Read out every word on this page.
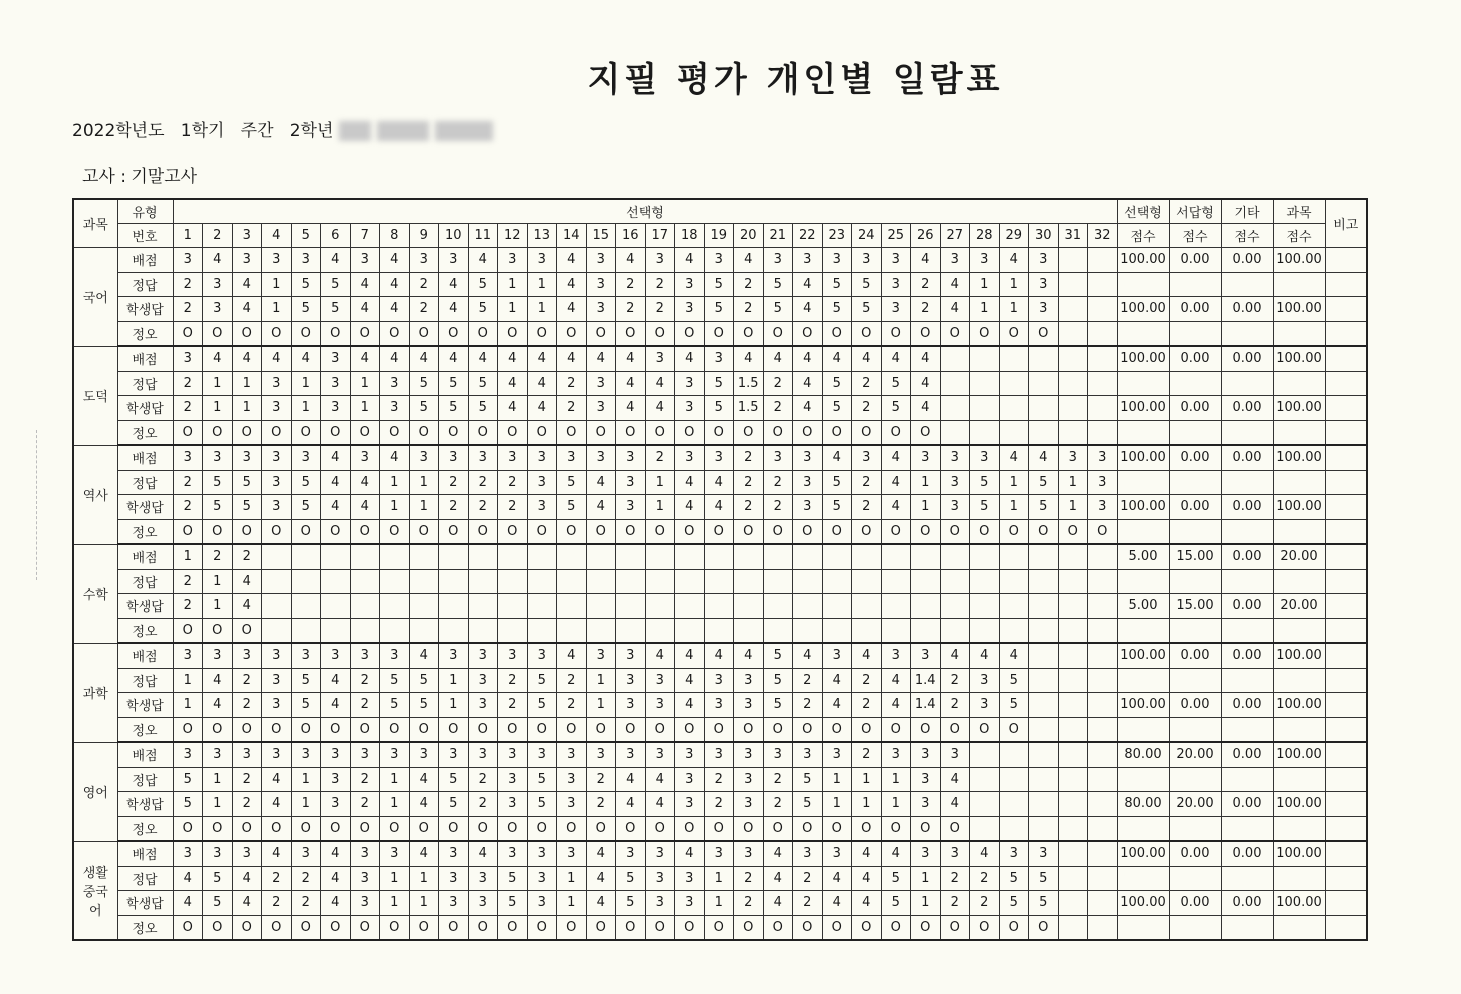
지필 평가 개인별 일람표
2022학년도 1학기 주간 2학년
고사 : 기말고사
과목	유형	선택형																																선택형	서답형	기타	과목	비고
	번호	1	2	3	4	5	6	7	8	9	10	11	12	13	14	15	16	17	18	19	20	21	22	23	24	25	26	27	28	29	30	31	32	점수	점수	점수	점수	
국어	배점	3	4	3	3	3	4	3	4	3	3	4	3	3	4	3	4	3	4	3	4	3	3	3	3	3	4	3	3	4	3			100.00	0.00	0.00	100.00	
	정답	2	3	4	1	5	5	4	4	2	4	5	1	1	4	3	2	2	3	5	2	5	4	5	5	3	2	4	1	1	3							
	학생답	2	3	4	1	5	5	4	4	2	4	5	1	1	4	3	2	2	3	5	2	5	4	5	5	3	2	4	1	1	3			100.00	0.00	0.00	100.00	
	정오	O	O	O	O	O	O	O	O	O	O	O	O	O	O	O	O	O	O	O	O	O	O	O	O	O	O	O	O	O	O							
도덕	배점	3	4	4	4	4	3	4	4	4	4	4	4	4	4	4	4	3	4	3	4	4	4	4	4	4	4							100.00	0.00	0.00	100.00	
	정답	2	1	1	3	1	3	1	3	5	5	5	4	4	2	3	4	4	3	5	1.5	2	4	5	2	5	4											
	학생답	2	1	1	3	1	3	1	3	5	5	5	4	4	2	3	4	4	3	5	1.5	2	4	5	2	5	4							100.00	0.00	0.00	100.00	
	정오	O	O	O	O	O	O	O	O	O	O	O	O	O	O	O	O	O	O	O	O	O	O	O	O	O	O											
역사	배점	3	3	3	3	3	4	3	4	3	3	3	3	3	3	3	3	2	3	3	2	3	3	4	3	4	3	3	3	4	4	3	3	100.00	0.00	0.00	100.00	
	정답	2	5	5	3	5	4	4	1	1	2	2	2	3	5	4	3	1	4	4	2	2	3	5	2	4	1	3	5	1	5	1	3					
	학생답	2	5	5	3	5	4	4	1	1	2	2	2	3	5	4	3	1	4	4	2	2	3	5	2	4	1	3	5	1	5	1	3	100.00	0.00	0.00	100.00	
	정오	O	O	O	O	O	O	O	O	O	O	O	O	O	O	O	O	O	O	O	O	O	O	O	O	O	O	O	O	O	O	O	O					
수학	배점	1	2	2																														5.00	15.00	0.00	20.00	
	정답	2	1	4																																		
	학생답	2	1	4																														5.00	15.00	0.00	20.00	
	정오	O	O	O																																		
과학	배점	3	3	3	3	3	3	3	3	4	3	3	3	3	4	3	3	4	4	4	4	5	4	3	4	3	3	4	4	4				100.00	0.00	0.00	100.00	
	정답	1	4	2	3	5	4	2	5	5	1	3	2	5	2	1	3	3	4	3	3	5	2	4	2	4	1.4	2	3	5								
	학생답	1	4	2	3	5	4	2	5	5	1	3	2	5	2	1	3	3	4	3	3	5	2	4	2	4	1.4	2	3	5				100.00	0.00	0.00	100.00	
	정오	O	O	O	O	O	O	O	O	O	O	O	O	O	O	O	O	O	O	O	O	O	O	O	O	O	O	O	O	O								
영어	배점	3	3	3	3	3	3	3	3	3	3	3	3	3	3	3	3	3	3	3	3	3	3	3	2	3	3	3						80.00	20.00	0.00	100.00	
	정답	5	1	2	4	1	3	2	1	4	5	2	3	5	3	2	4	4	3	2	3	2	5	1	1	1	3	4										
	학생답	5	1	2	4	1	3	2	1	4	5	2	3	5	3	2	4	4	3	2	3	2	5	1	1	1	3	4						80.00	20.00	0.00	100.00	
	정오	O	O	O	O	O	O	O	O	O	O	O	O	O	O	O	O	O	O	O	O	O	O	O	O	O	O	O										
생활중국어	배점	3	3	3	4	3	4	3	3	4	3	4	3	3	3	4	3	3	4	3	3	4	3	3	4	4	3	3	4	3	3			100.00	0.00	0.00	100.00	
	정답	4	5	4	2	2	4	3	1	1	3	3	5	3	1	4	5	3	3	1	2	4	2	4	4	5	1	2	2	5	5							
	학생답	4	5	4	2	2	4	3	1	1	3	3	5	3	1	4	5	3	3	1	2	4	2	4	4	5	1	2	2	5	5			100.00	0.00	0.00	100.00	
	정오	O	O	O	O	O	O	O	O	O	O	O	O	O	O	O	O	O	O	O	O	O	O	O	O	O	O	O	O	O	O							
